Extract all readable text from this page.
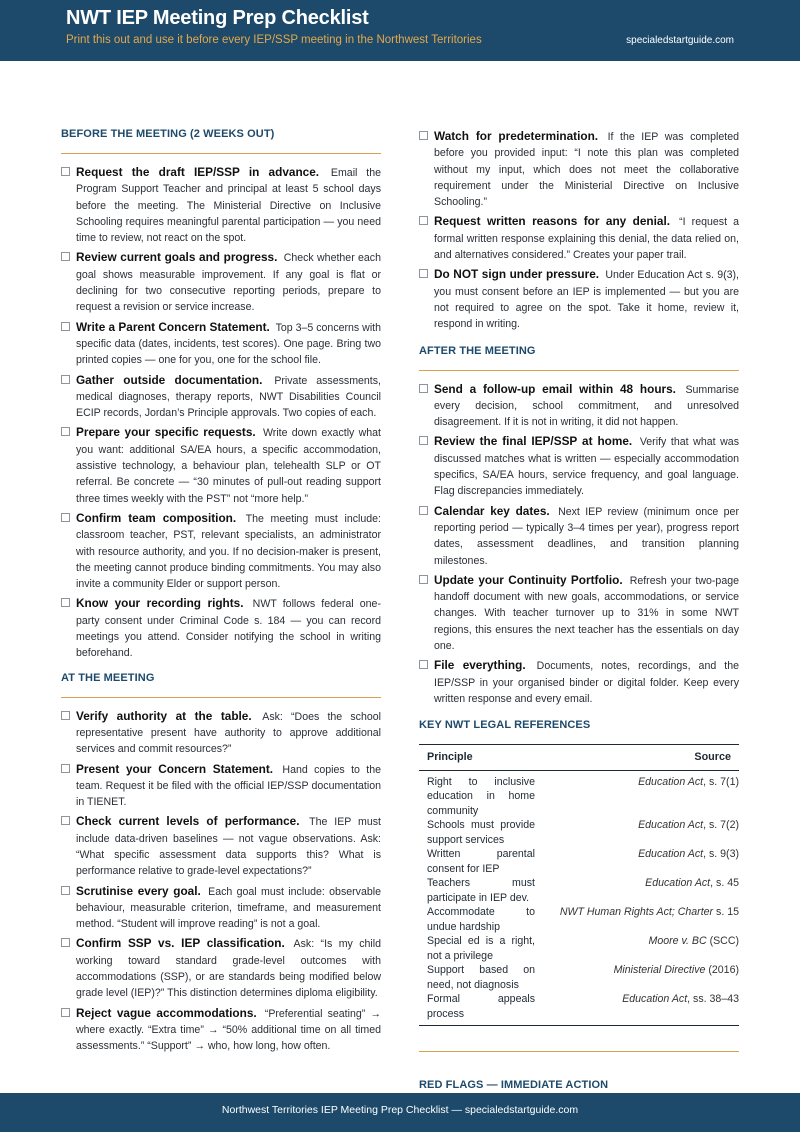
NWT IEP Meeting Prep Checklist
Print this out and use it before every IEP/SSP meeting in the Northwest Territories	specialedstartguide.com
BEFORE THE MEETING (2 WEEKS OUT)
Request the draft IEP/SSP in advance. Email the Program Support Teacher and principal at least 5 school days before the meeting. The Ministerial Directive on Inclusive Schooling requires meaningful parental participation — you need time to review, not react on the spot.
Review current goals and progress. Check whether each goal shows measurable improvement. If any goal is flat or declining for two consecutive reporting periods, prepare to request a revision or service increase.
Write a Parent Concern Statement. Top 3–5 concerns with specific data (dates, incidents, test scores). One page. Bring two printed copies — one for you, one for the school file.
Gather outside documentation. Private assessments, medical diagnoses, therapy reports, NWT Disabilities Council ECIP records, Jordan’s Principle approvals. Two copies of each.
Prepare your specific requests. Write down exactly what you want: additional SA/EA hours, a specific accommodation, assistive technology, a behaviour plan, telehealth SLP or OT referral. Be concrete — “30 minutes of pull-out reading support three times weekly with the PST” not “more help.”
Confirm team composition. The meeting must include: classroom teacher, PST, relevant specialists, an administrator with resource authority, and you. If no decision-maker is present, the meeting cannot produce binding commitments. You may also invite a community Elder or support person.
Know your recording rights. NWT follows federal one-party consent under Criminal Code s. 184 — you can record meetings you attend. Consider notifying the school in writing beforehand.
AT THE MEETING
Verify authority at the table. Ask: “Does the school representative present have authority to approve additional services and commit resources?”
Present your Concern Statement. Hand copies to the team. Request it be filed with the official IEP/SSP documentation in TIENET.
Check current levels of performance. The IEP must include data-driven baselines — not vague observations. Ask: “What specific assessment data supports this? What is performance relative to grade-level expectations?”
Scrutinise every goal. Each goal must include: observable behaviour, measurable criterion, timeframe, and measurement method. “Student will improve reading” is not a goal.
Confirm SSP vs. IEP classification. Ask: “Is my child working toward standard grade-level outcomes with accommodations (SSP), or are standards being modified below grade level (IEP)?” This distinction determines diploma eligibility.
Reject vague accommodations. “Preferential seating” → where exactly. “Extra time” → “50% additional time on all timed assessments.” “Support” → who, how long, how often.
Watch for predetermination. If the IEP was completed before you provided input: “I note this plan was completed without my input, which does not meet the collaborative requirement under the Ministerial Directive on Inclusive Schooling.”
Request written reasons for any denial. “I request a formal written response explaining this denial, the data relied on, and alternatives considered.” Creates your paper trail.
Do NOT sign under pressure. Under Education Act s. 9(3), you must consent before an IEP is implemented — but you are not required to agree on the spot. Take it home, review it, respond in writing.
AFTER THE MEETING
Send a follow-up email within 48 hours. Summarise every decision, school commitment, and unresolved disagreement. If it is not in writing, it did not happen.
Review the final IEP/SSP at home. Verify that what was discussed matches what is written — especially accommodation specifics, SA/EA hours, service frequency, and goal language. Flag discrepancies immediately.
Calendar key dates. Next IEP review (minimum once per reporting period — typically 3–4 times per year), progress report dates, assessment deadlines, and transition planning milestones.
Update your Continuity Portfolio. Refresh your two-page handoff document with new goals, accommodations, or service changes. With teacher turnover up to 31% in some NWT regions, this ensures the next teacher has the essentials on day one.
File everything. Documents, notes, recordings, and the IEP/SSP in your organised binder or digital folder. Keep every written response and every email.
KEY NWT LEGAL REFERENCES
Principle	Source
Right to inclusive education in home community
Education Act, s. 7(1)
Schools must provide support services
Education Act, s. 7(2)
Written parental consent for IEP
Education Act, s. 9(3)
Teachers must participate in IEP dev.
Education Act, s. 45
Accommodate to undue hardship
NWT Human Rights Act; Charter s. 15
Special ed is a right, not a privilege
Moore v. BC (SCC)
Support based on need, not diagnosis
Ministerial Directive (2016)
Formal appeals process
Education Act, ss. 38–43
RED FLAGS — IMMEDIATE ACTION
Northwest Territories IEP Meeting Prep Checklist — specialedstartguide.com
